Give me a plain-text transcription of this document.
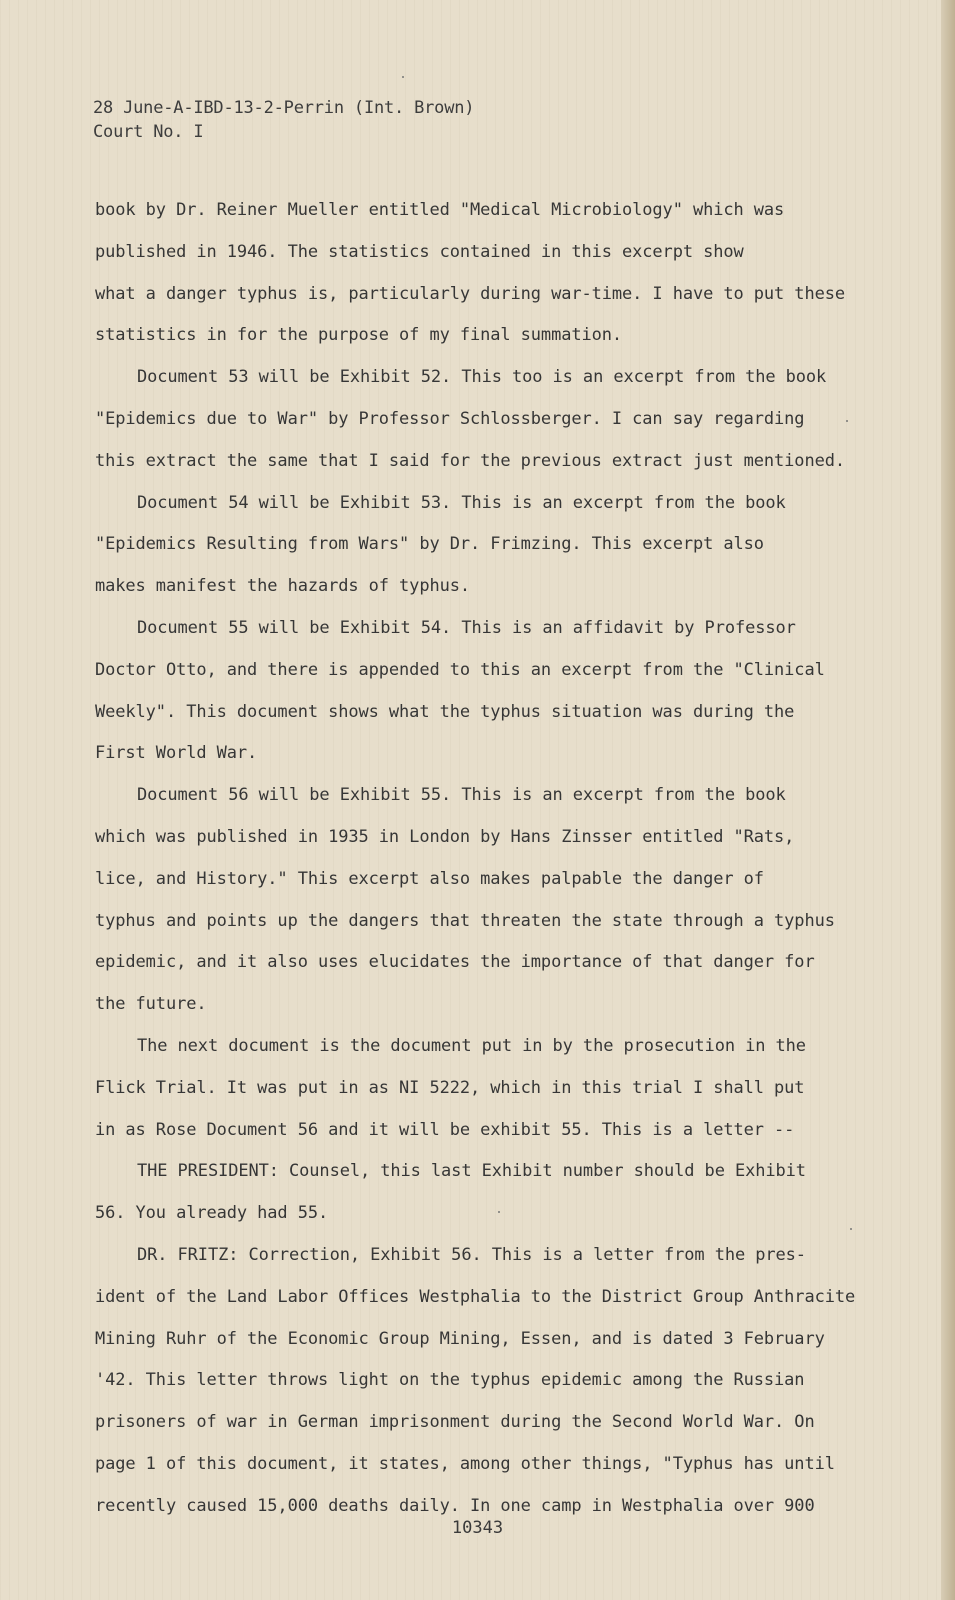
28 June-A-IBD-13-2-Perrin (Int. Brown)
Court No. I
book by Dr. Reiner Mueller entitled "Medical Microbiology" which was
published in 1946. The statistics contained in this excerpt show
what a danger typhus is, particularly during war-time. I have to put these
statistics in for the purpose of my final summation.
Document 53 will be Exhibit 52. This too is an excerpt from the book
"Epidemics due to War" by Professor Schlossberger. I can say regarding
this extract the same that I said for the previous extract just mentioned.
Document 54 will be Exhibit 53. This is an excerpt from the book
"Epidemics Resulting from Wars" by Dr. Frimzing. This excerpt also
makes manifest the hazards of typhus.
Document 55 will be Exhibit 54. This is an affidavit by Professor
Doctor Otto, and there is appended to this an excerpt from the "Clinical
Weekly". This document shows what the typhus situation was during the
First World War.
Document 56 will be Exhibit 55. This is an excerpt from the book
which was published in 1935 in London by Hans Zinsser entitled "Rats,
lice, and History." This excerpt also makes palpable the danger of
typhus and points up the dangers that threaten the state through a typhus
epidemic, and it also uses elucidates the importance of that danger for
the future.
The next document is the document put in by the prosecution in the
Flick Trial. It was put in as NI 5222, which in this trial I shall put
in as Rose Document 56 and it will be exhibit 55. This is a letter --
THE PRESIDENT: Counsel, this last Exhibit number should be Exhibit
56. You already had 55.
DR. FRITZ: Correction, Exhibit 56. This is a letter from the pres-
ident of the Land Labor Offices Westphalia to the District Group Anthracite
Mining Ruhr of the Economic Group Mining, Essen, and is dated 3 February
'42. This letter throws light on the typhus epidemic among the Russian
prisoners of war in German imprisonment during the Second World War. On
page 1 of this document, it states, among other things, "Typhus has until
recently caused 15,000 deaths daily. In one camp in Westphalia over 900
10343
